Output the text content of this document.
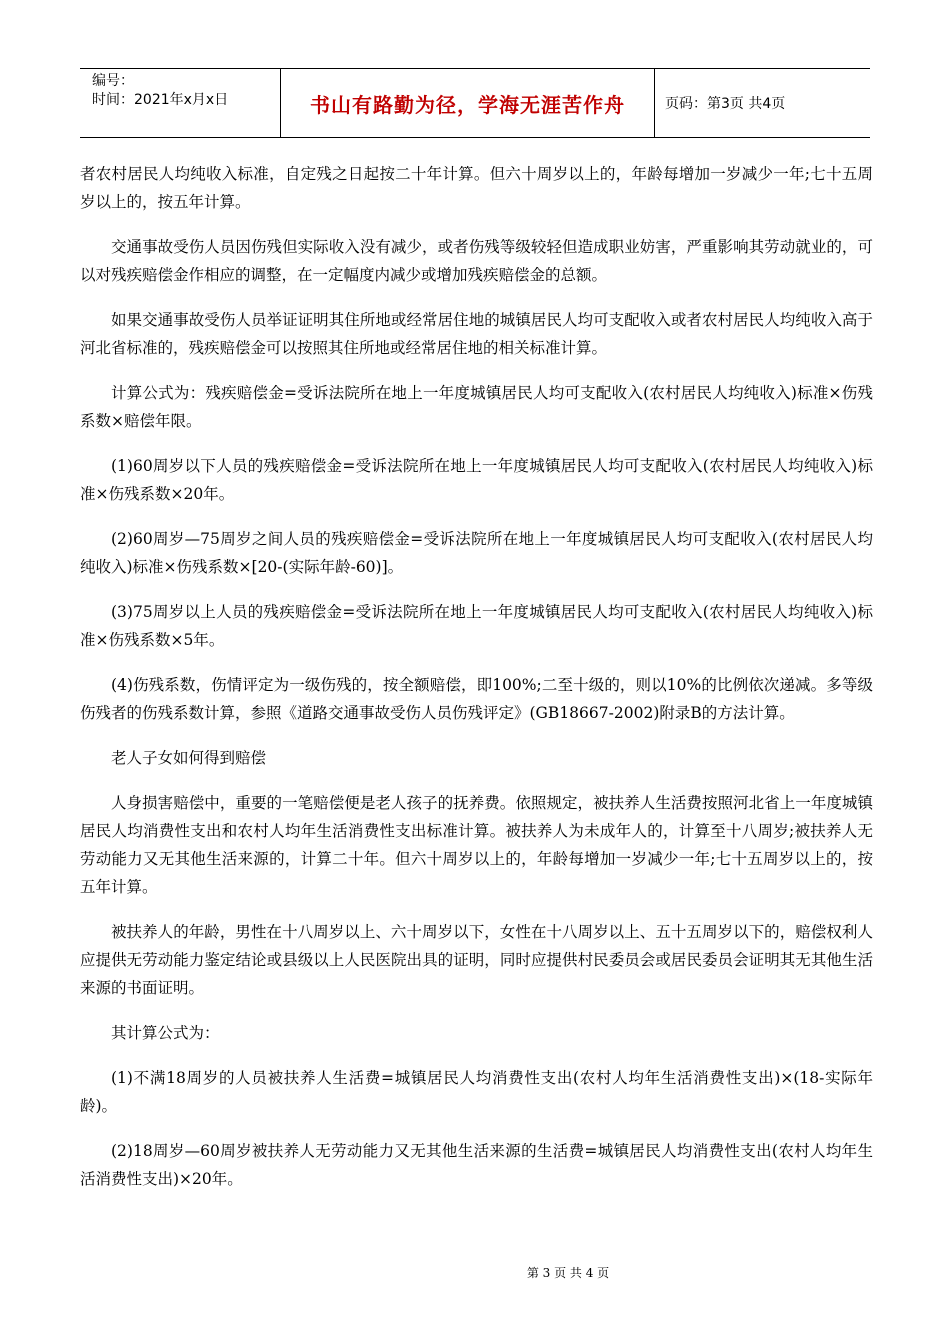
编号：
时间：2021年x月x日	书山有路勤为径，学海无涯苦作舟	页码：第3页 共4页

者农村居民人均纯收入标准，自定残之日起按二十年计算。但六十周岁以上的，年龄每增加一岁减少一年;七十五周岁以上的，按五年计算。

交通事故受伤人员因伤残但实际收入没有减少，或者伤残等级较轻但造成职业妨害，严重影响其劳动就业的，可以对残疾赔偿金作相应的调整，在一定幅度内减少或增加残疾赔偿金的总额。

如果交通事故受伤人员举证证明其住所地或经常居住地的城镇居民人均可支配收入或者农村居民人均纯收入高于河北省标准的，残疾赔偿金可以按照其住所地或经常居住地的相关标准计算。

计算公式为：残疾赔偿金=受诉法院所在地上一年度城镇居民人均可支配收入(农村居民人均纯收入)标准×伤残系数×赔偿年限。

(1)60周岁以下人员的残疾赔偿金=受诉法院所在地上一年度城镇居民人均可支配收入(农村居民人均纯收入)标准×伤残系数×20年。

(2)60周岁—75周岁之间人员的残疾赔偿金=受诉法院所在地上一年度城镇居民人均可支配收入(农村居民人均纯收入)标准×伤残系数×[20-(实际年龄-60)]。

(3)75周岁以上人员的残疾赔偿金=受诉法院所在地上一年度城镇居民人均可支配收入(农村居民人均纯收入)标准×伤残系数×5年。

(4)伤残系数，伤情评定为一级伤残的，按全额赔偿，即100%;二至十级的，则以10%的比例依次递减。多等级伤残者的伤残系数计算，参照《道路交通事故受伤人员伤残评定》(GB18667-2002)附录B的方法计算。

老人子女如何得到赔偿

人身损害赔偿中，重要的一笔赔偿便是老人孩子的抚养费。依照规定，被扶养人生活费按照河北省上一年度城镇居民人均消费性支出和农村人均年生活消费性支出标准计算。被扶养人为未成年人的，计算至十八周岁;被扶养人无劳动能力又无其他生活来源的，计算二十年。但六十周岁以上的，年龄每增加一岁减少一年;七十五周岁以上的，按五年计算。

被扶养人的年龄，男性在十八周岁以上、六十周岁以下，女性在十八周岁以上、五十五周岁以下的，赔偿权利人应提供无劳动能力鉴定结论或县级以上人民医院出具的证明，同时应提供村民委员会或居民委员会证明其无其他生活来源的书面证明。

其计算公式为：

(1)不满18周岁的人员被扶养人生活费=城镇居民人均消费性支出(农村人均年生活消费性支出)×(18-实际年龄)。

(2)18周岁—60周岁被扶养人无劳动能力又无其他生活来源的生活费=城镇居民人均消费性支出(农村人均年生活消费性支出)×20年。

第 3 页 共 4 页
